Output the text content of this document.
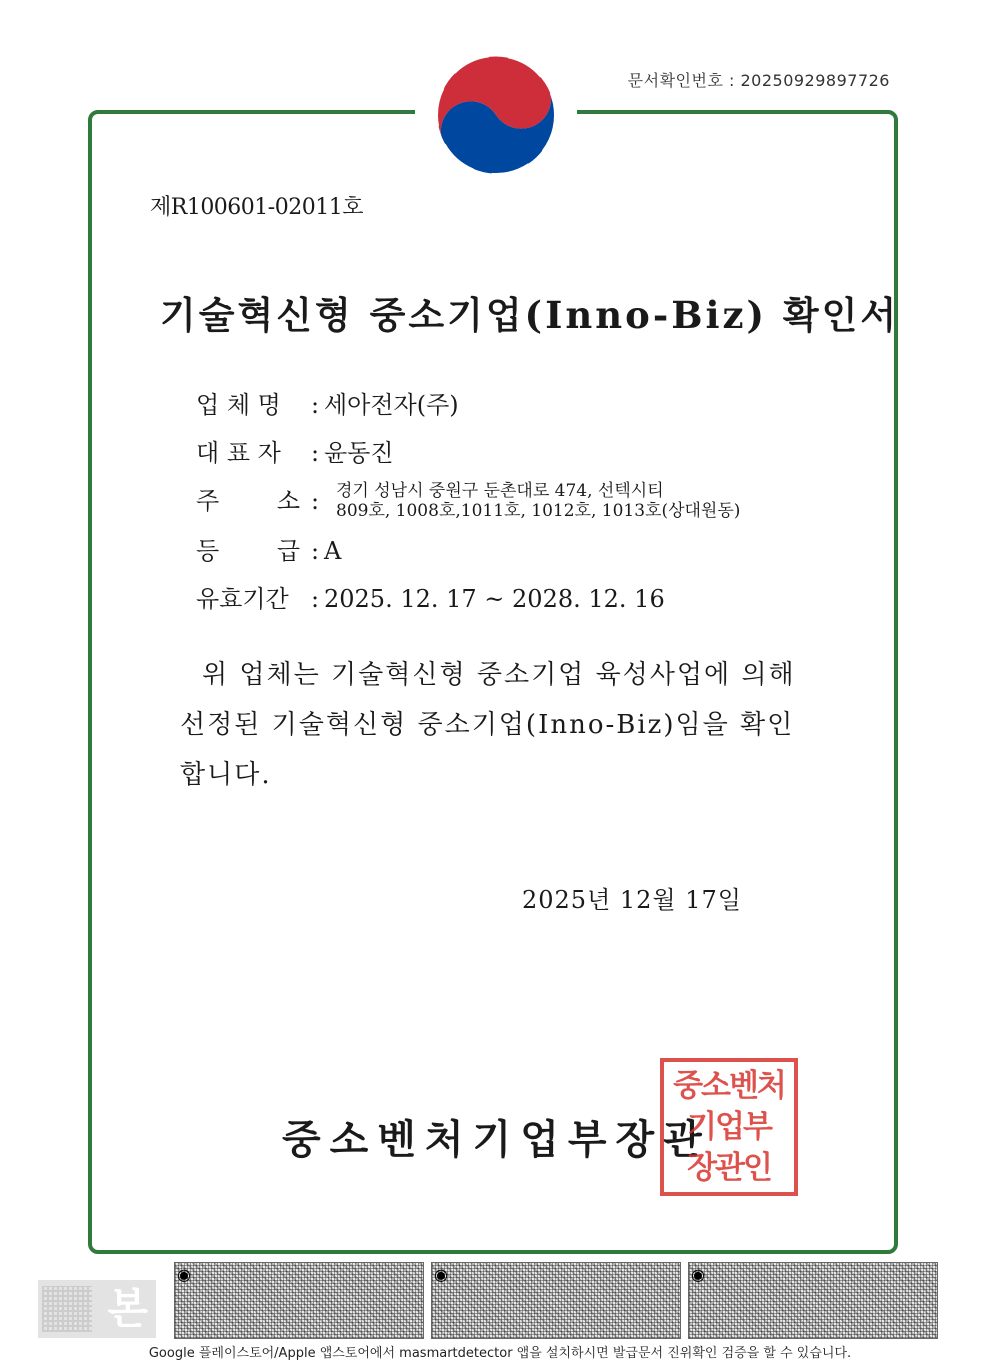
문서확인번호 : 20250929897726
제R100601-02011호
기술혁신형 중소기업(Inno-Biz) 확인서
업 체 명 : 세아전자(주)
대 표 자 : 윤동진
주 소 : 경기 성남시 중원구 둔촌대로 474, 선텍시티
809호, 1008호,1011호, 1012호, 1013호(상대원동)
등 급 : A
유효기간 : 2025. 12. 17 ~ 2028. 12. 16
위 업체는 기술혁신형 중소기업 육성사업에 의해
선정된 기술혁신형 중소기업(Inno-Biz)임을 확인
합니다.
2025년 12월 17일
중소벤처기업부장관
중소벤처
기업부
장관인
본
◉	◉	◉
Google 플레이스토어/Apple 앱스토어에서 masmartdetector 앱을 설치하시면 발급문서 진위확인 검증을 할 수 있습니다.
